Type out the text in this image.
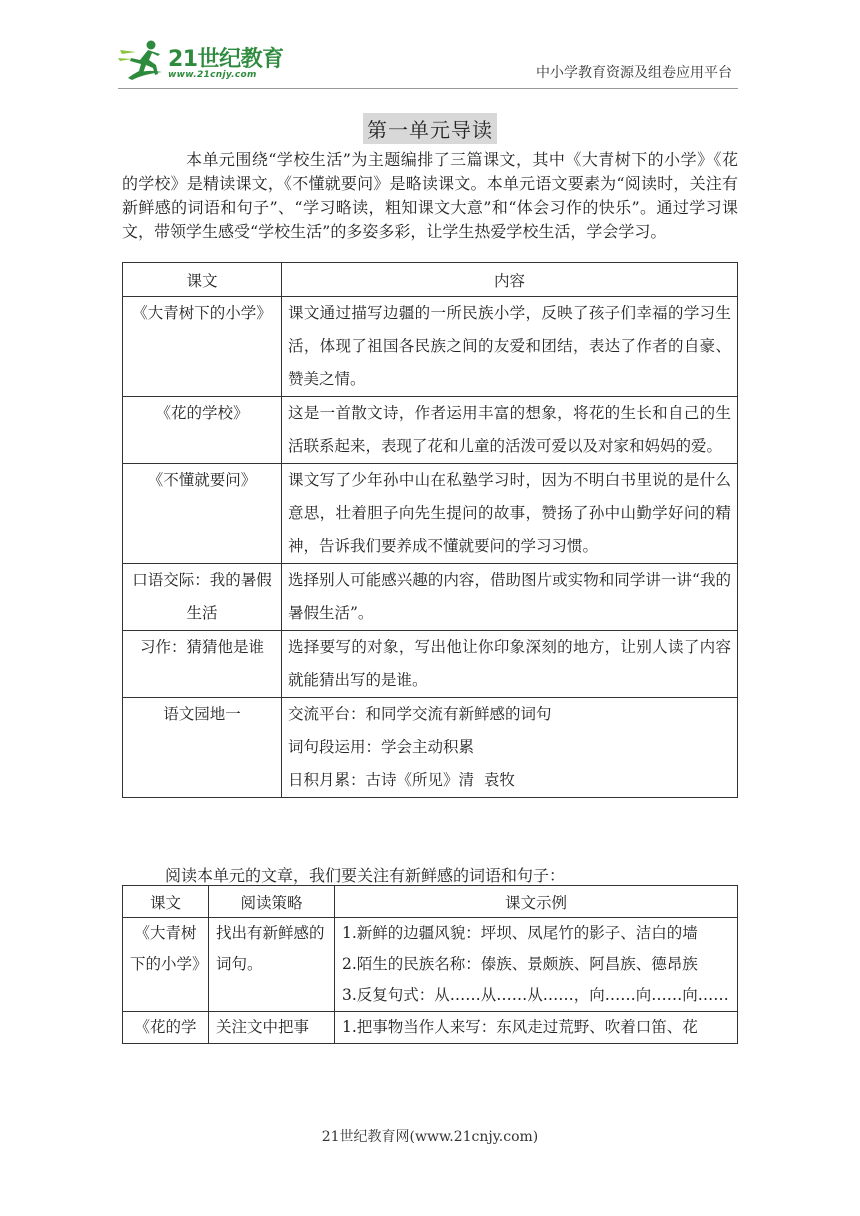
21世纪教育
www.21cnjy.com	中小学教育资源及组卷应用平台
第一单元导读

本单元围绕“学校生活”为主题编排了三篇课文，其中《大青树下的小学》《花的学校》是精读课文，《不懂就要问》是略读课文。本单元语文要素为“阅读时，关注有新鲜感的词语和句子”、“学习略读，粗知课文大意”和“体会习作的快乐”。通过学习课文，带领学生感受“学校生活”的多姿多彩，让学生热爱学校生活，学会学习。

课文	内容
《大青树下的小学》	课文通过描写边疆的一所民族小学，反映了孩子们幸福的学习生活，体现了祖国各民族之间的友爱和团结，表达了作者的自豪、赞美之情。
《花的学校》	这是一首散文诗，作者运用丰富的想象，将花的生长和自己的生活联系起来，表现了花和儿童的活泼可爱以及对家和妈妈的爱。
《不懂就要问》	课文写了少年孙中山在私塾学习时，因为不明白书里说的是什么意思，壮着胆子向先生提问的故事，赞扬了孙中山勤学好问的精神，告诉我们要养成不懂就要问的学习习惯。
口语交际：我的暑假生活	选择别人可能感兴趣的内容，借助图片或实物和同学讲一讲“我的暑假生活”。
习作：猜猜他是谁	选择要写的对象，写出他让你印象深刻的地方，让别人读了内容就能猜出写的是谁。
语文园地一	交流平台：和同学交流有新鲜感的词句
词句段运用：学会主动积累
日积月累：古诗《所见》清  袁牧

阅读本单元的文章，我们要关注有新鲜感的词语和句子：

课文	阅读策略	课文示例
《大青树下的小学》	找出有新鲜感的词句。	1.新鲜的边疆风貌：坪坝、凤尾竹的影子、洁白的墙
2.陌生的民族名称：傣族、景颇族、阿昌族、德昂族
3.反复句式：从……从……从……，向……向……向……

《花的学	关注文中把事	1.把事物当作人来写：东风走过荒野、吹着口笛、花
21世纪教育网(www.21cnjy.com)
